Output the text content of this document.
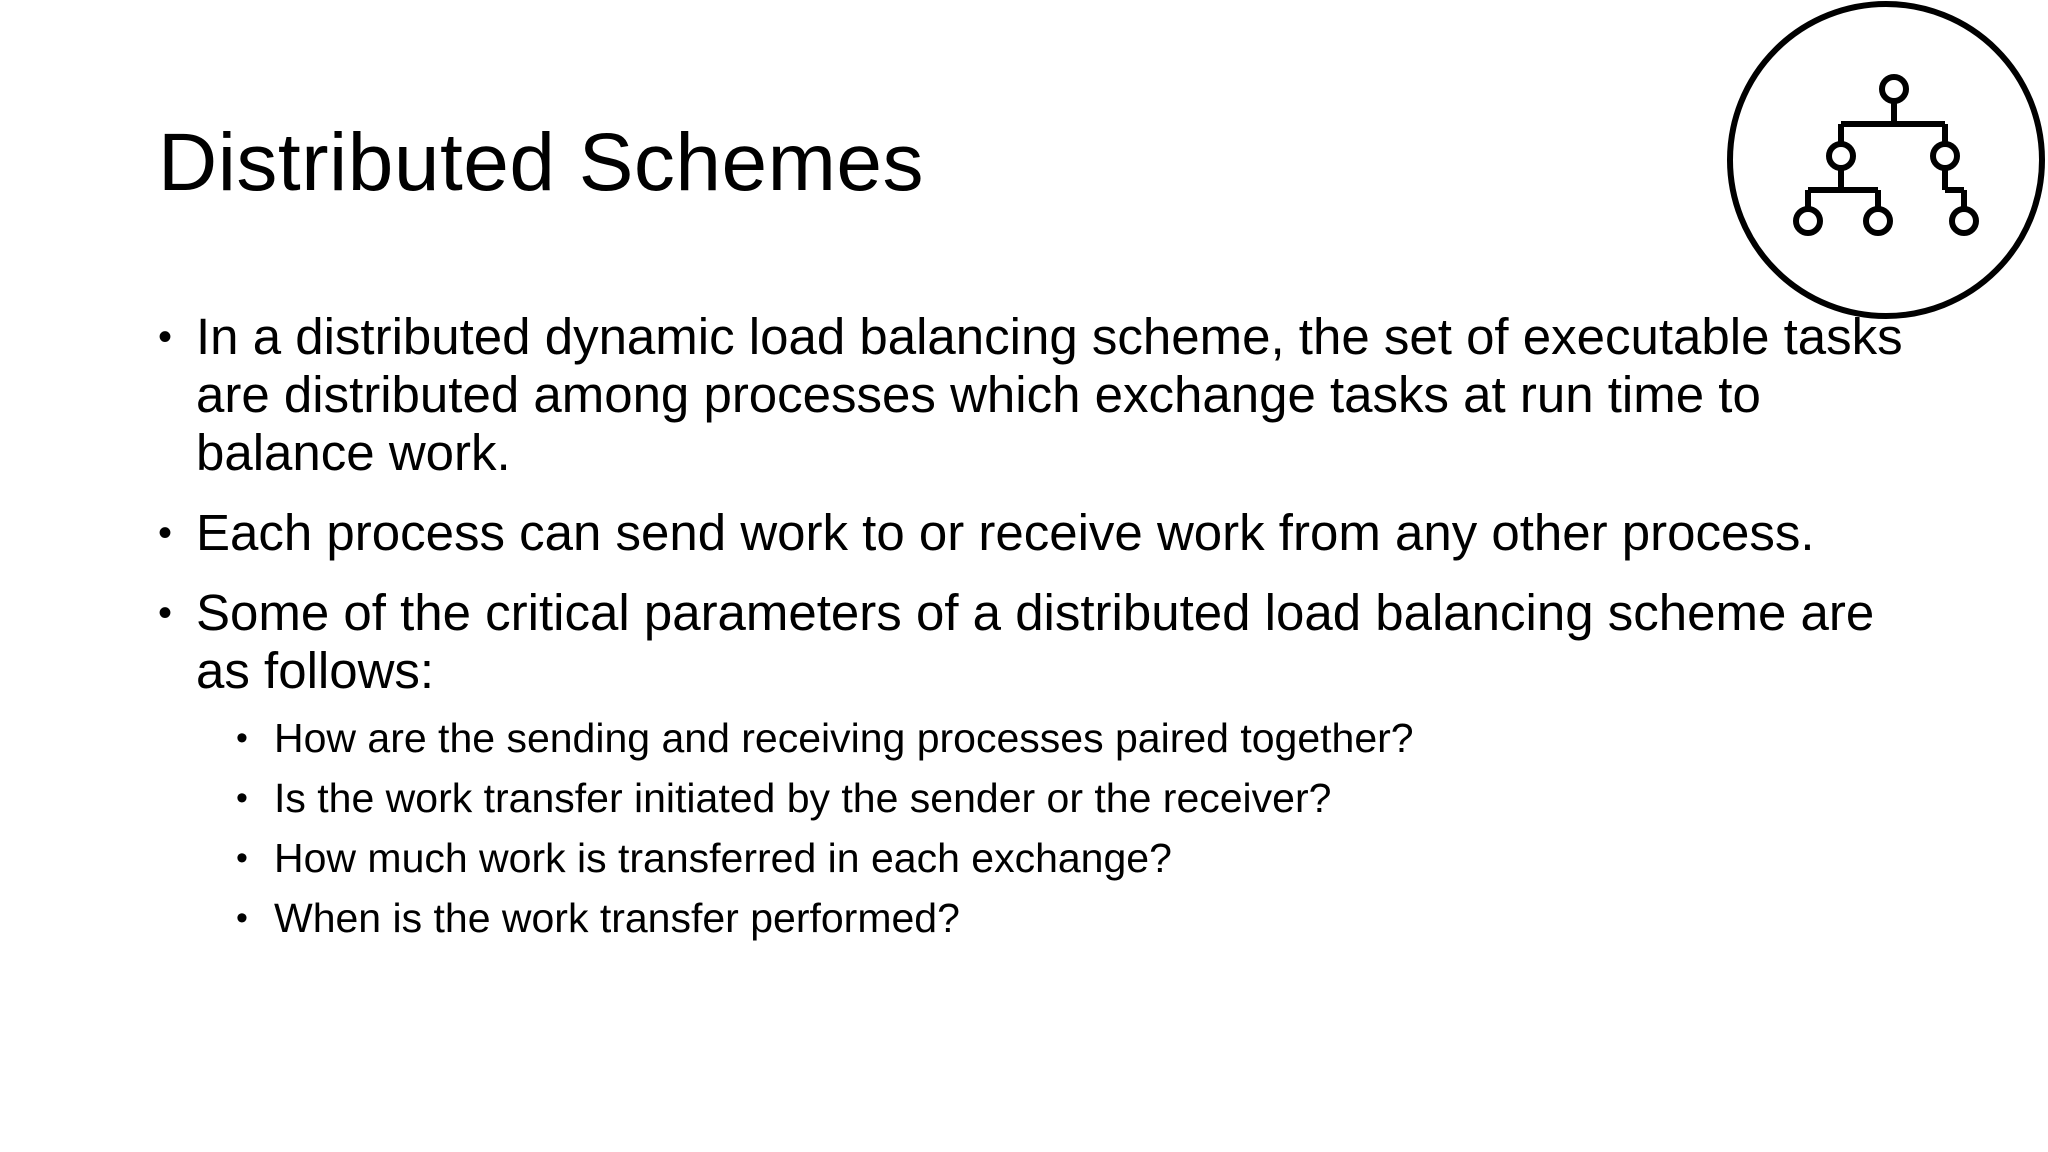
Distributed Schemes
• In a distributed dynamic load balancing scheme, the set of executable tasks are distributed among processes which exchange tasks at run time to balance work.
• Each process can send work to or receive work from any other process.
• Some of the critical parameters of a distributed load balancing scheme are as follows:
• How are the sending and receiving processes paired together?
• Is the work transfer initiated by the sender or the receiver?
• How much work is transferred in each exchange?
• When is the work transfer performed?
